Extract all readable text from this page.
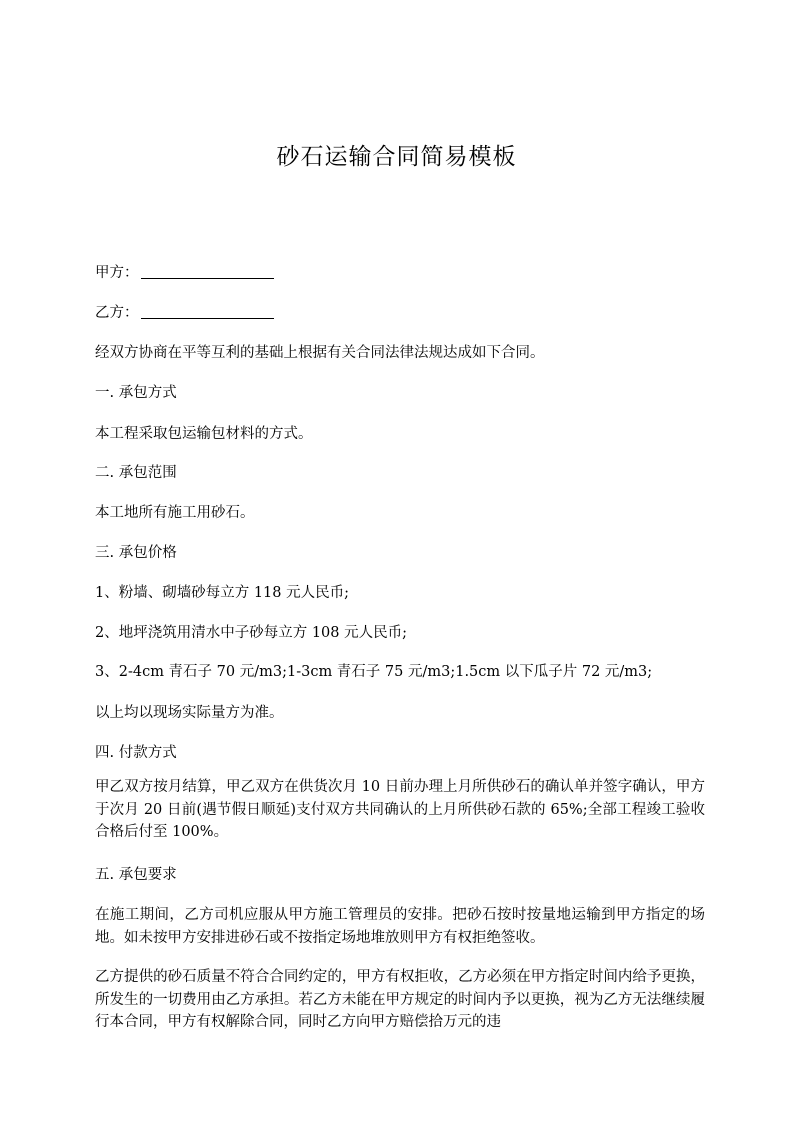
砂石运输合同简易模板
甲方：
乙方：
经双方协商在平等互利的基础上根据有关合同法律法规达成如下合同。
一. 承包方式
本工程采取包运输包材料的方式。
二. 承包范围
本工地所有施工用砂石。
三. 承包价格
1、粉墙、砌墙砂每立方 118 元人民币;
2、地坪浇筑用清水中子砂每立方 108 元人民币;
3、2-4cm 青石子 70 元/m3;1-3cm 青石子 75 元/m3;1.5cm 以下瓜子片 72 元/m3;
以上均以现场实际量方为准。
四. 付款方式
甲乙双方按月结算，甲乙双方在供货次月 10 日前办理上月所供砂石的确认单并签字确认，甲方于次月 20 日前(遇节假日顺延)支付双方共同确认的上月所供砂石款的 65%;全部工程竣工验收合格后付至 100%。
五. 承包要求
在施工期间，乙方司机应服从甲方施工管理员的安排。把砂石按时按量地运输到甲方指定的场地。如未按甲方安排进砂石或不按指定场地堆放则甲方有权拒绝签收。
乙方提供的砂石质量不符合合同约定的，甲方有权拒收，乙方必须在甲方指定时间内给予更换，所发生的一切费用由乙方承担。若乙方未能在甲方规定的时间内予以更换，视为乙方无法继续履行本合同，甲方有权解除合同，同时乙方向甲方赔偿拾万元的违
